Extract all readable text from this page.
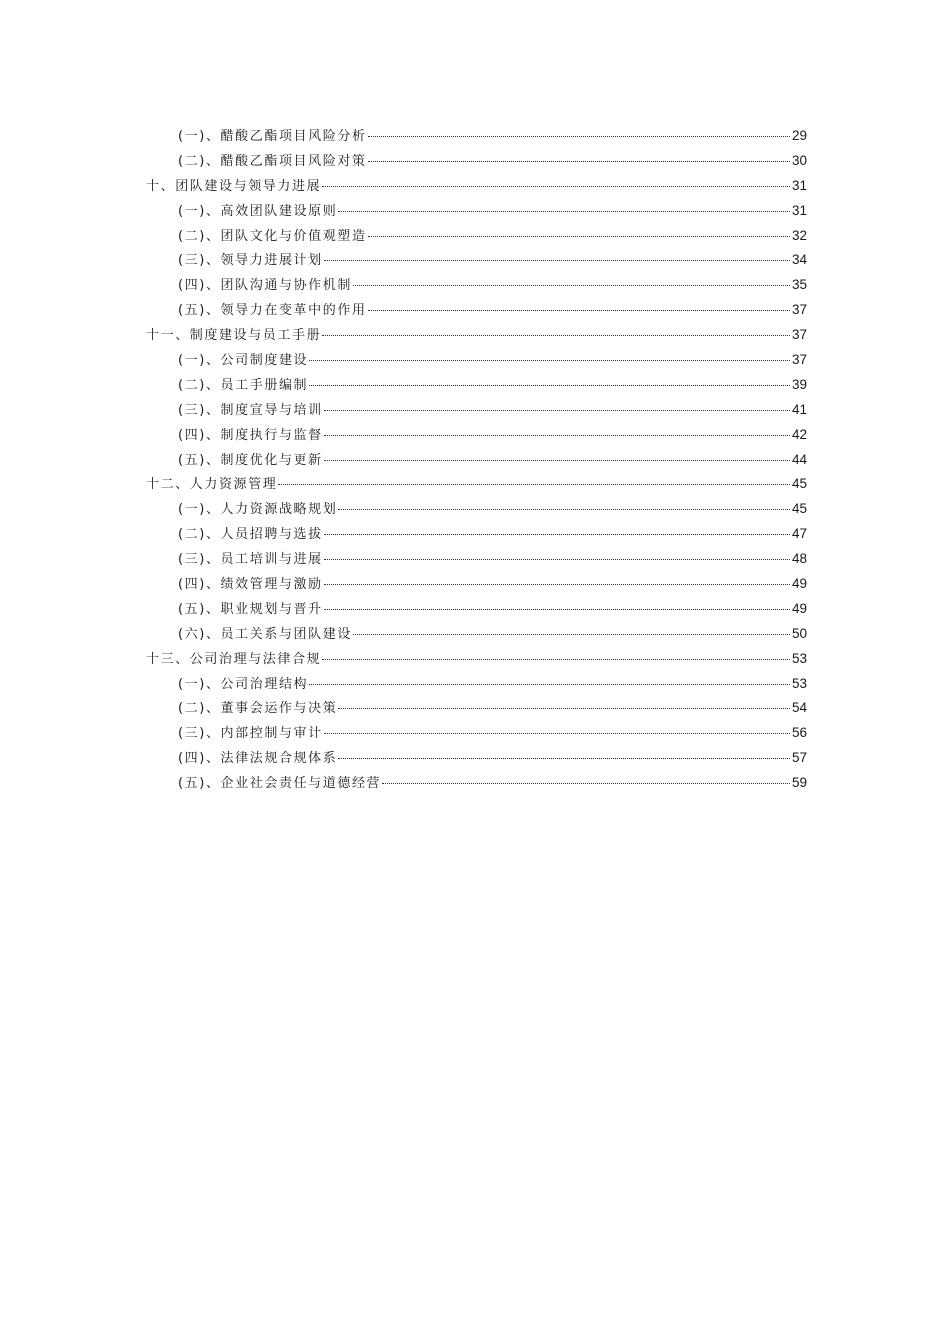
(一)、醋酸乙酯项目风险分析	29
(二)、醋酸乙酯项目风险对策	30
十、团队建设与领导力进展	31
(一)、高效团队建设原则	31
(二)、团队文化与价值观塑造	32
(三)、领导力进展计划	34
(四)、团队沟通与协作机制	35
(五)、领导力在变革中的作用	37
十一、制度建设与员工手册	37
(一)、公司制度建设	37
(二)、员工手册编制	39
(三)、制度宣导与培训	41
(四)、制度执行与监督	42
(五)、制度优化与更新	44
十二、人力资源管理	45
(一)、人力资源战略规划	45
(二)、人员招聘与选拔	47
(三)、员工培训与进展	48
(四)、绩效管理与激励	49
(五)、职业规划与晋升	49
(六)、员工关系与团队建设	50
十三、公司治理与法律合规	53
(一)、公司治理结构	53
(二)、董事会运作与决策	54
(三)、内部控制与审计	56
(四)、法律法规合规体系	57
(五)、企业社会责任与道德经营	59
